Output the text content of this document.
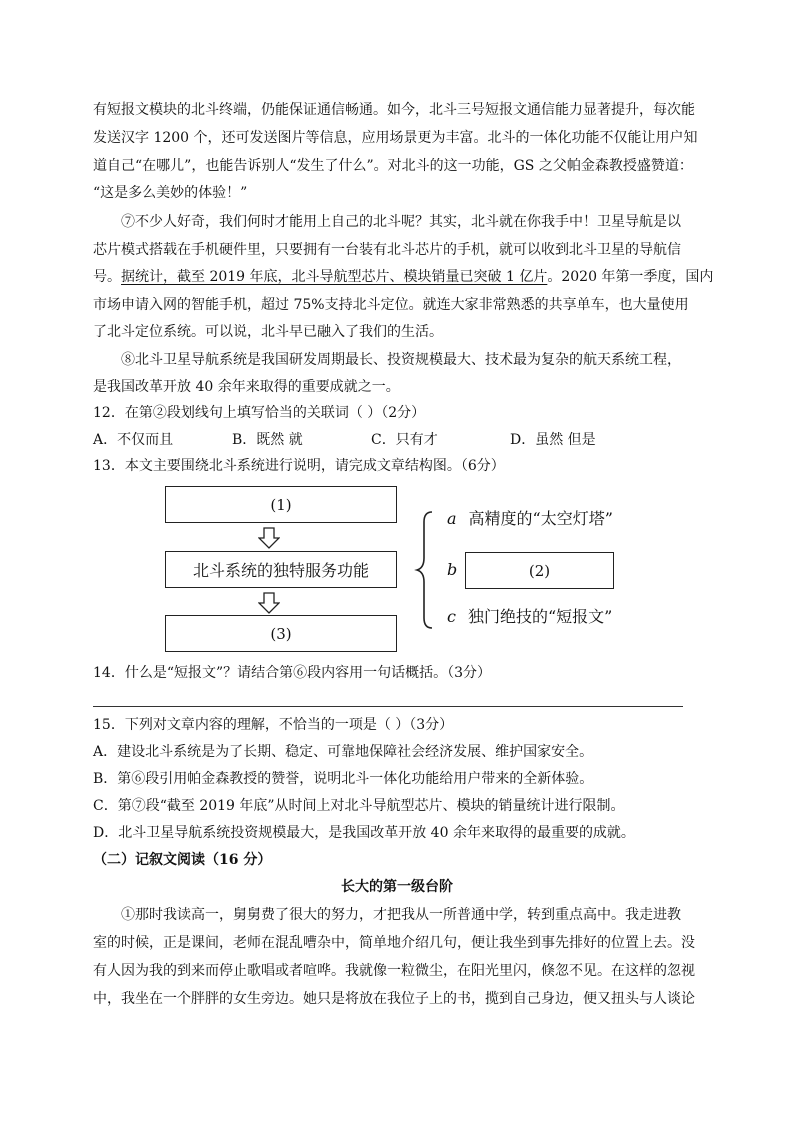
有短报文模块的北斗终端，仍能保证通信畅通。如今，北斗三号短报文通信能力显著提升，每次能
发送汉字 1200 个，还可发送图片等信息，应用场景更为丰富。北斗的一体化功能不仅能让用户知
道自己“在哪儿”，也能告诉别人“发生了什么”。对北斗的这一功能，GS 之父帕金森教授盛赞道：
“这是多么美妙的体验！”
⑦不少人好奇，我们何时才能用上自己的北斗呢？其实，北斗就在你我手中！卫星导航是以
芯片模式搭载在手机硬件里，只要拥有一台装有北斗芯片的手机，就可以收到北斗卫星的导航信
号。据统计，截至 2019 年底，北斗导航型芯片、模块销量已突破 1 亿片。2020 年第一季度，国内
市场申请入网的智能手机，超过 75%支持北斗定位。就连大家非常熟悉的共享单车，也大量使用
了北斗定位系统。可以说，北斗早已融入了我们的生活。
⑧北斗卫星导航系统是我国研发周期最长、投资规模最大、技术最为复杂的航天系统工程，
是我国改革开放 40 余年来取得的重要成就之一。
12．在第②段划线句上填写恰当的关联词（ ）（2分）
A．不仅而且	B．既然 就	C．只有才	D．虽然 但是
13．本文主要围绕北斗系统进行说明，请完成文章结构图。（6分）
(1)
北斗系统的独特服务功能
(3)
a 高精度的“太空灯塔”
b	(2)
c 独门绝技的“短报文”
14．什么是“短报文”？请结合第⑥段内容用一句话概括。（3分）
15．下列对文章内容的理解，不恰当的一项是（ ）（3分）
A．建设北斗系统是为了长期、稳定、可靠地保障社会经济发展、维护国家安全。
B．第⑥段引用帕金森教授的赞誉，说明北斗一体化功能给用户带来的全新体验。
C．第⑦段“截至 2019 年底”从时间上对北斗导航型芯片、模块的销量统计进行限制。
D．北斗卫星导航系统投资规模最大，是我国改革开放 40 余年来取得的最重要的成就。
（二）记叙文阅读（16 分）
长大的第一级台阶
①那时我读高一，舅舅费了很大的努力，才把我从一所普通中学，转到重点高中。我走进教
室的时候，正是课间，老师在混乱嘈杂中，简单地介绍几句，便让我坐到事先排好的位置上去。没
有人因为我的到来而停止歌唱或者喧哗。我就像一粒微尘，在阳光里闪，倏忽不见。在这样的忽视
中，我坐在一个胖胖的女生旁边。她只是将放在我位子上的书，揽到自己身边，便又扭头与人谈论
